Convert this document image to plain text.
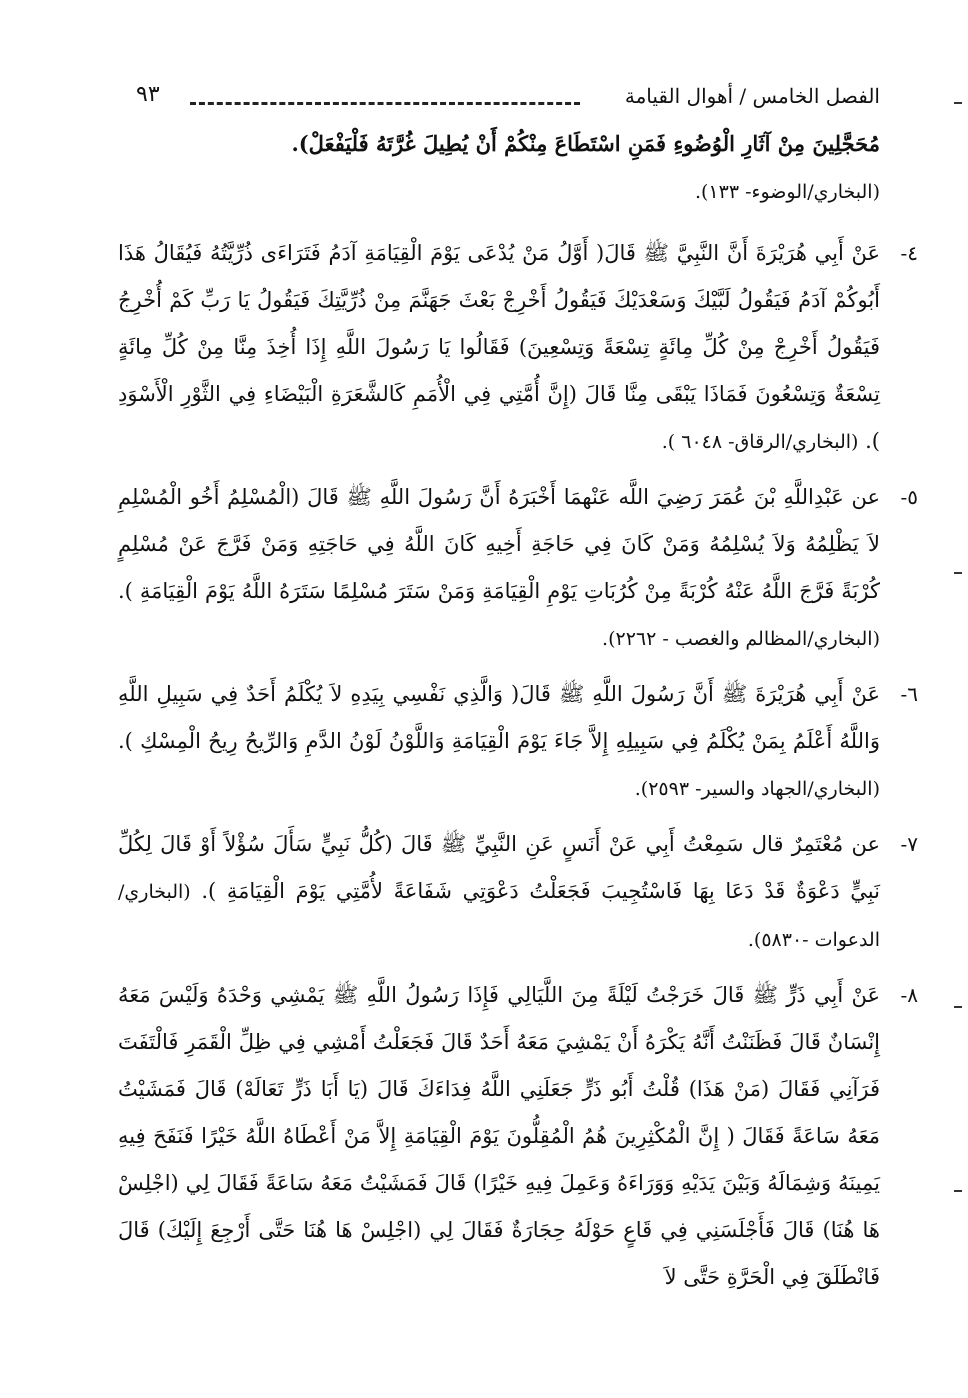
الفصل الخامس / أهوال القيامة
٩٣
مُحَجَّلِينَ مِنْ آثَارِ الْوُضُوءِ فَمَنِ اسْتَطَاعَ مِنْكُمْ أَنْ يُطِيلَ غُرَّتَهُ فَلْيَفْعَلْ).
(البخاري/الوضوء- ١٣٣).
٤-
عَنْ أَبِي هُرَيْرَةَ أَنَّ النَّبِيَّ ﷺ قَالَ( أَوَّلُ مَنْ يُدْعَى يَوْمَ الْقِيَامَةِ آدَمُ فَتَرَاءَى ذُرِّيَّتُهُ فَيُقَالُ هَذَا أَبُوكُمْ آدَمُ فَيَقُولُ لَبَّيْكَ وَسَعْدَيْكَ فَيَقُولُ أَخْرِجْ بَعْثَ جَهَنَّمَ مِنْ ذُرِّيَّتِكَ فَيَقُولُ يَا رَبِّ كَمْ أُخْرِجُ فَيَقُولُ أَخْرِجْ مِنْ كُلِّ مِائَةٍ تِسْعَةً وَتِسْعِينَ) فَقَالُوا يَا رَسُولَ اللَّهِ إِذَا أُخِذَ مِنَّا مِنْ كُلِّ مِائَةٍ تِسْعَةٌ وَتِسْعُونَ فَمَاذَا يَبْقَى مِنَّا قَالَ (إِنَّ أُمَّتِي فِي الْأُمَمِ كَالشَّعَرَةِ الْبَيْضَاءِ فِي الثَّوْرِ الْأَسْوَدِ ). (البخاري/الرقاق- ٦٠٤٨ ).
٥-
عن عَبْدِاللَّهِ بْنَ عُمَرَ رَضِيَ اللَّه عَنْهمَا أَخْبَرَهُ أَنَّ رَسُولَ اللَّهِ ﷺ قَالَ (الْمُسْلِمُ أَخُو الْمُسْلِمِ لاَ يَظْلِمُهُ وَلاَ يُسْلِمُهُ وَمَنْ كَانَ فِي حَاجَةِ أَخِيهِ كَانَ اللَّهُ فِي حَاجَتِهِ وَمَنْ فَرَّجَ عَنْ مُسْلِمٍ كُرْبَةً فَرَّجَ اللَّهُ عَنْهُ كُرْبَةً مِنْ كُرُبَاتِ يَوْمِ الْقِيَامَةِ وَمَنْ سَتَرَ مُسْلِمًا سَتَرَهُ اللَّهُ يَوْمَ الْقِيَامَةِ ). (البخاري/المظالم والغصب - ٢٢٦٢).
٦-
عَنْ أَبِي هُرَيْرَةَ ﷺ أَنَّ رَسُولَ اللَّهِ ﷺ قَالَ( وَالَّذِي نَفْسِي بِيَدِهِ لاَ يُكْلَمُ أَحَدٌ فِي سَبِيلِ اللَّهِ وَاللَّهُ أَعْلَمُ بِمَنْ يُكْلَمُ فِي سَبِيلِهِ إِلاَّ جَاءَ يَوْمَ الْقِيَامَةِ وَاللَّوْنُ لَوْنُ الدَّمِ وَالرِّيحُ رِيحُ الْمِسْكِ ). (البخاري/الجهاد والسير- ٢٥٩٣).
٧-
عن مُعْتَمِرٌ قال سَمِعْتُ أَبِي عَنْ أَنَسٍ عَنِ النَّبِيِّ ﷺ قَالَ (كُلُّ نَبِيٍّ سَأَلَ سُؤْلاً أَوْ قَالَ لِكُلِّ نَبِيٍّ دَعْوَةٌ قَدْ دَعَا بِهَا فَاسْتُجِيبَ فَجَعَلْتُ دَعْوَتِي شَفَاعَةً لأُمَّتِي يَوْمَ الْقِيَامَةِ ). (البخاري/الدعوات -٥٨٣٠).
٨-
عَنْ أَبِي ذَرٍّ ﷺ قَالَ خَرَجْتُ لَيْلَةً مِنَ اللَّيَالِي فَإِذَا رَسُولُ اللَّهِ ﷺ يَمْشِي وَحْدَهُ وَلَيْسَ مَعَهُ إِنْسَانٌ قَالَ فَظَنَنْتُ أَنَّهُ يَكْرَهُ أَنْ يَمْشِيَ مَعَهُ أَحَدٌ قَالَ فَجَعَلْتُ أَمْشِي فِي ظِلِّ الْقَمَرِ فَالْتَفَتَ فَرَآنِي فَقَالَ (مَنْ هَذَا) قُلْتُ أَبُو ذَرٍّ جَعَلَنِي اللَّهُ فِدَاءَكَ قَالَ (يَا أَبَا ذَرٍّ تَعَالَهْ) قَالَ فَمَشَيْتُ مَعَهُ سَاعَةً فَقَالَ ( إِنَّ الْمُكْثِرِينَ هُمُ الْمُقِلُّونَ يَوْمَ الْقِيَامَةِ إِلاَّ مَنْ أَعْطَاهُ اللَّهُ خَيْرًا فَنَفَحَ فِيهِ يَمِينَهُ وَشِمَالَهُ وَبَيْنَ يَدَيْهِ وَوَرَاءَهُ وَعَمِلَ فِيهِ خَيْرًا) قَالَ فَمَشَيْتُ مَعَهُ سَاعَةً فَقَالَ لِي (اجْلِسْ هَا هُنَا) قَالَ فَأَجْلَسَنِي فِي قَاعٍ حَوْلَهُ حِجَارَةٌ فَقَالَ لِي (اجْلِسْ هَا هُنَا حَتَّى أَرْجِعَ إِلَيْكَ) قَالَ فَانْطَلَقَ فِي الْحَرَّةِ حَتَّى لاَ
